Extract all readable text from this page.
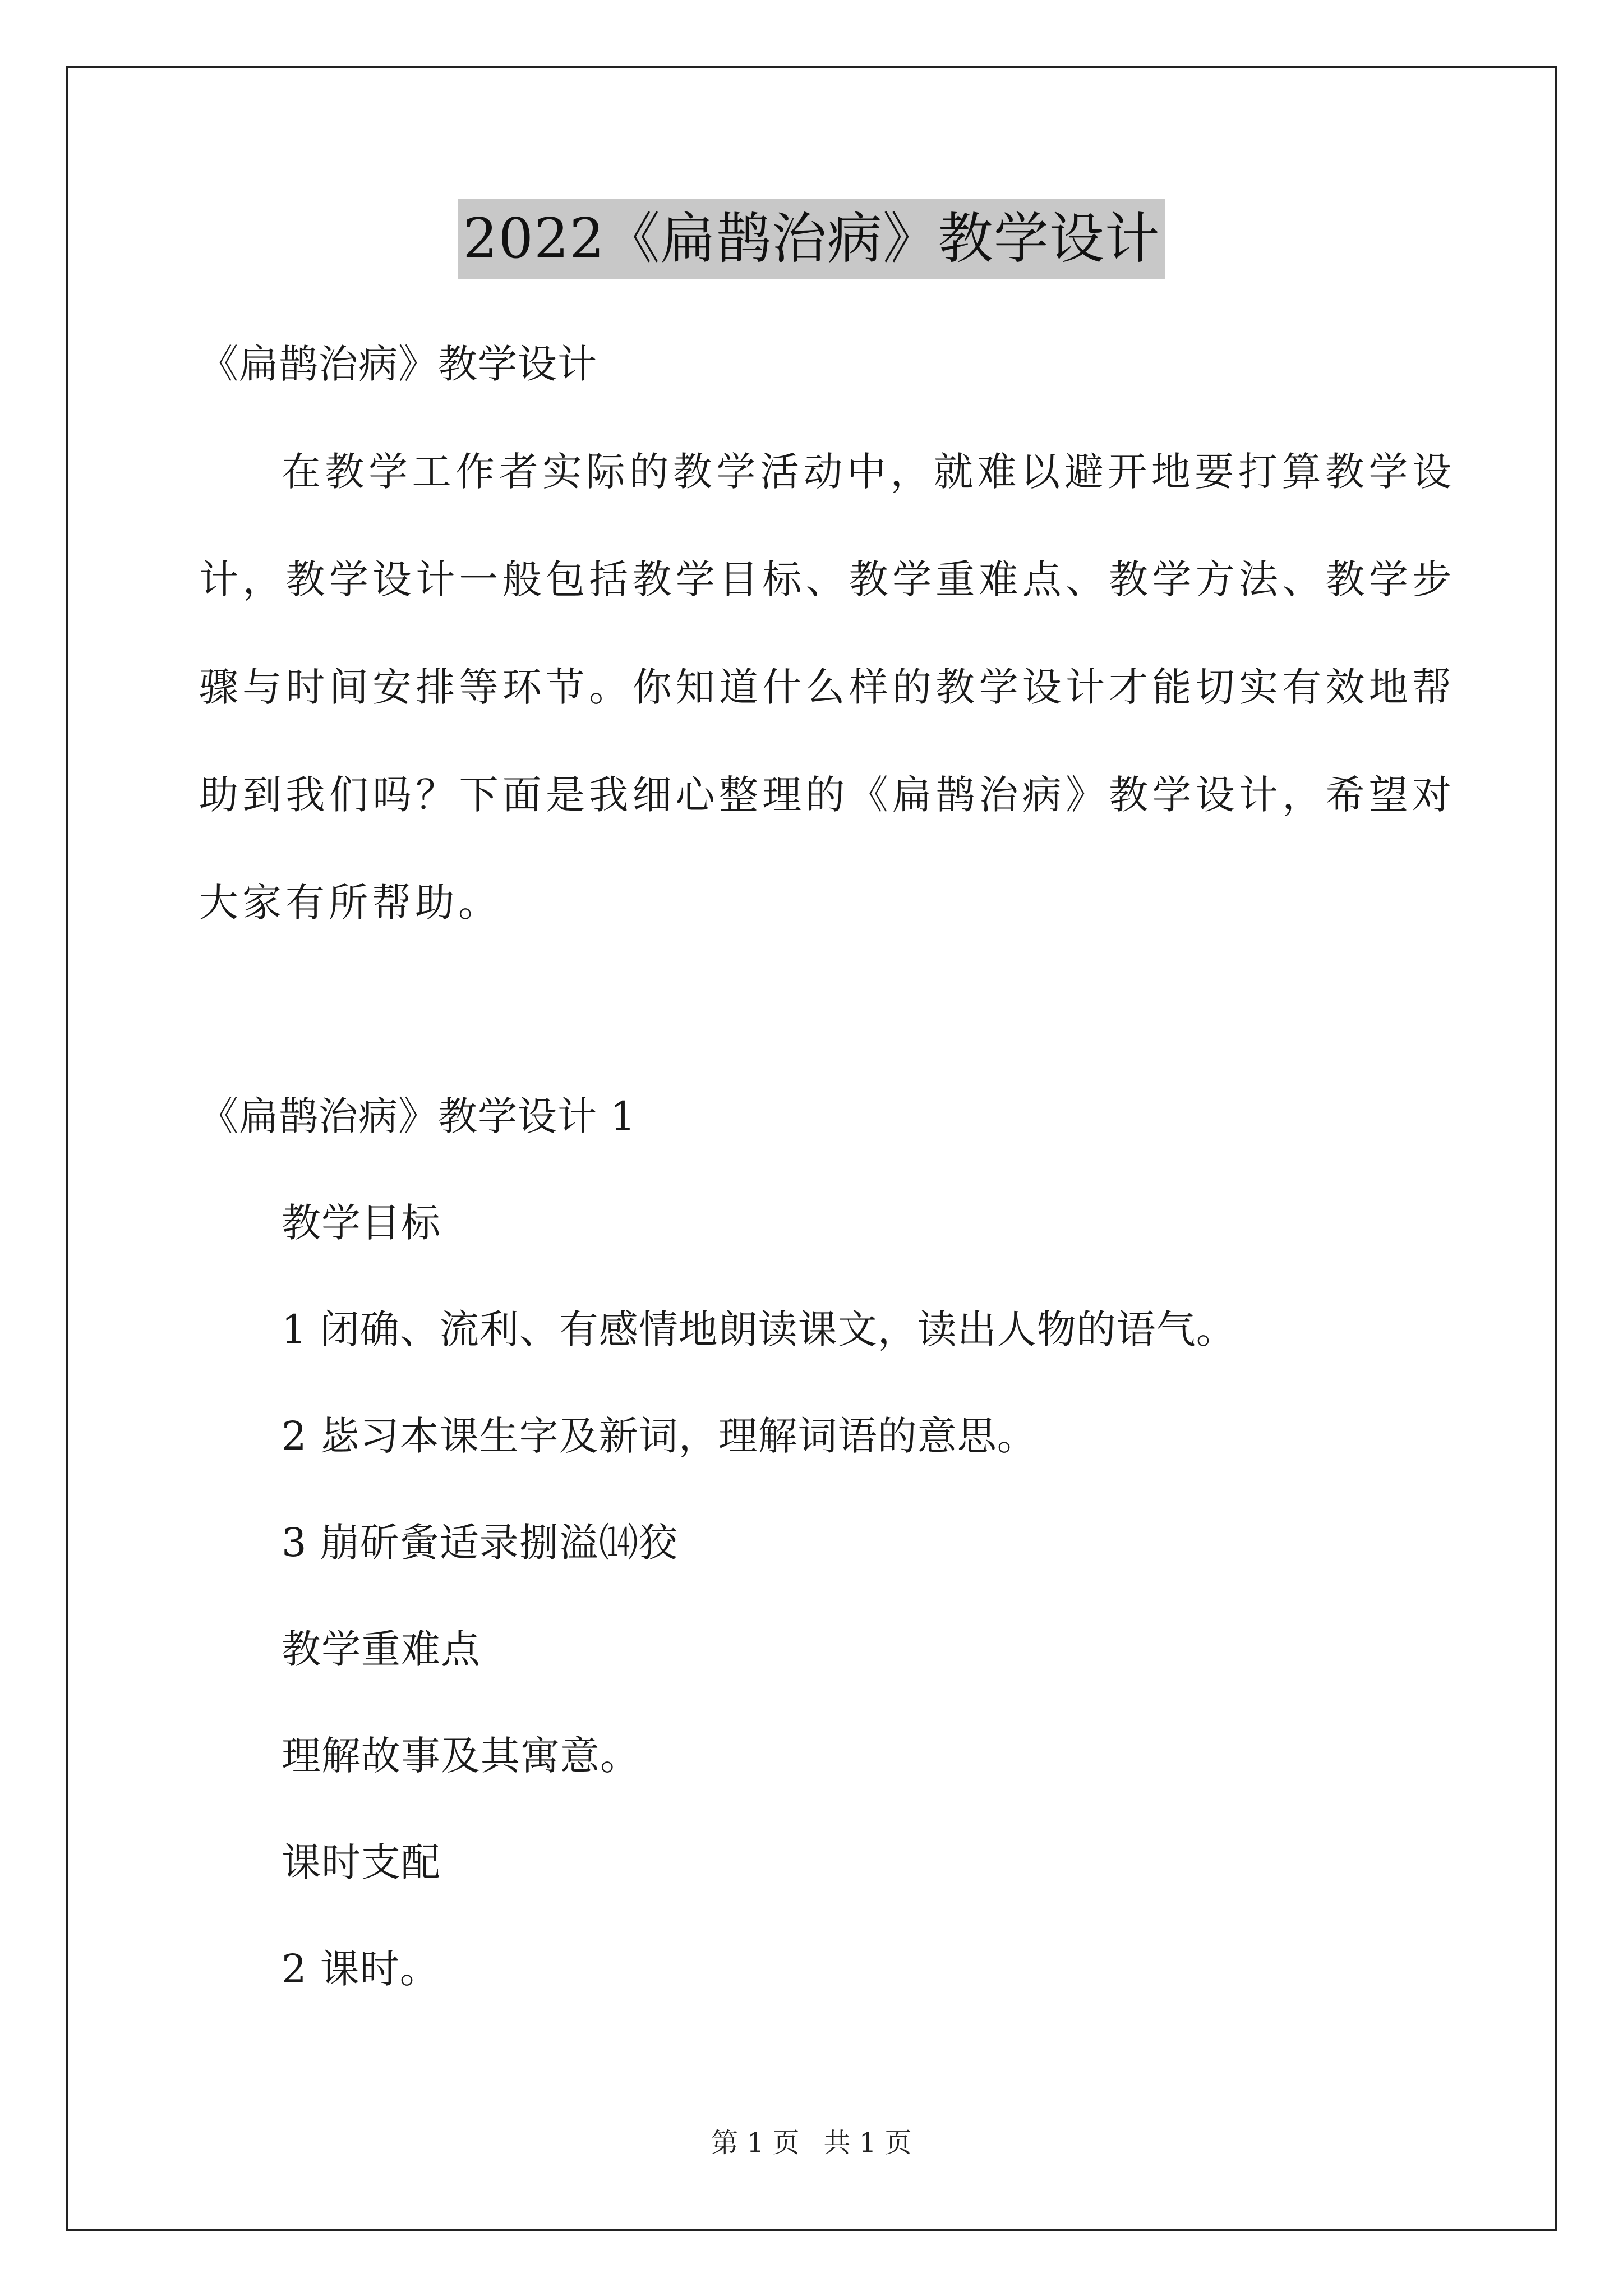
2022《扁鹊治病》教学设计
《扁鹊治病》教学设计

在教学工作者实际的教学活动中，就难以避开地要打算教学设计，教学设计一般包括教学目标、教学重难点、教学方法、教学步骤与时间安排等环节。你知道什么样的教学设计才能切实有效地帮助到我们吗？下面是我细心整理的《扁鹊治病》教学设计，希望对大家有所帮助。

《扁鹊治病》教学设计 1
教学目标
1 闭确、流利、有感情地朗读课文，读出人物的语气。
2 毖习本课生字及新词，理解词语的意思。
3 崩斫夤适录捌溢⒁狡
教学重难点
理解故事及其寓意。
课时支配
2 课时。
第 1 页 共 1 页
